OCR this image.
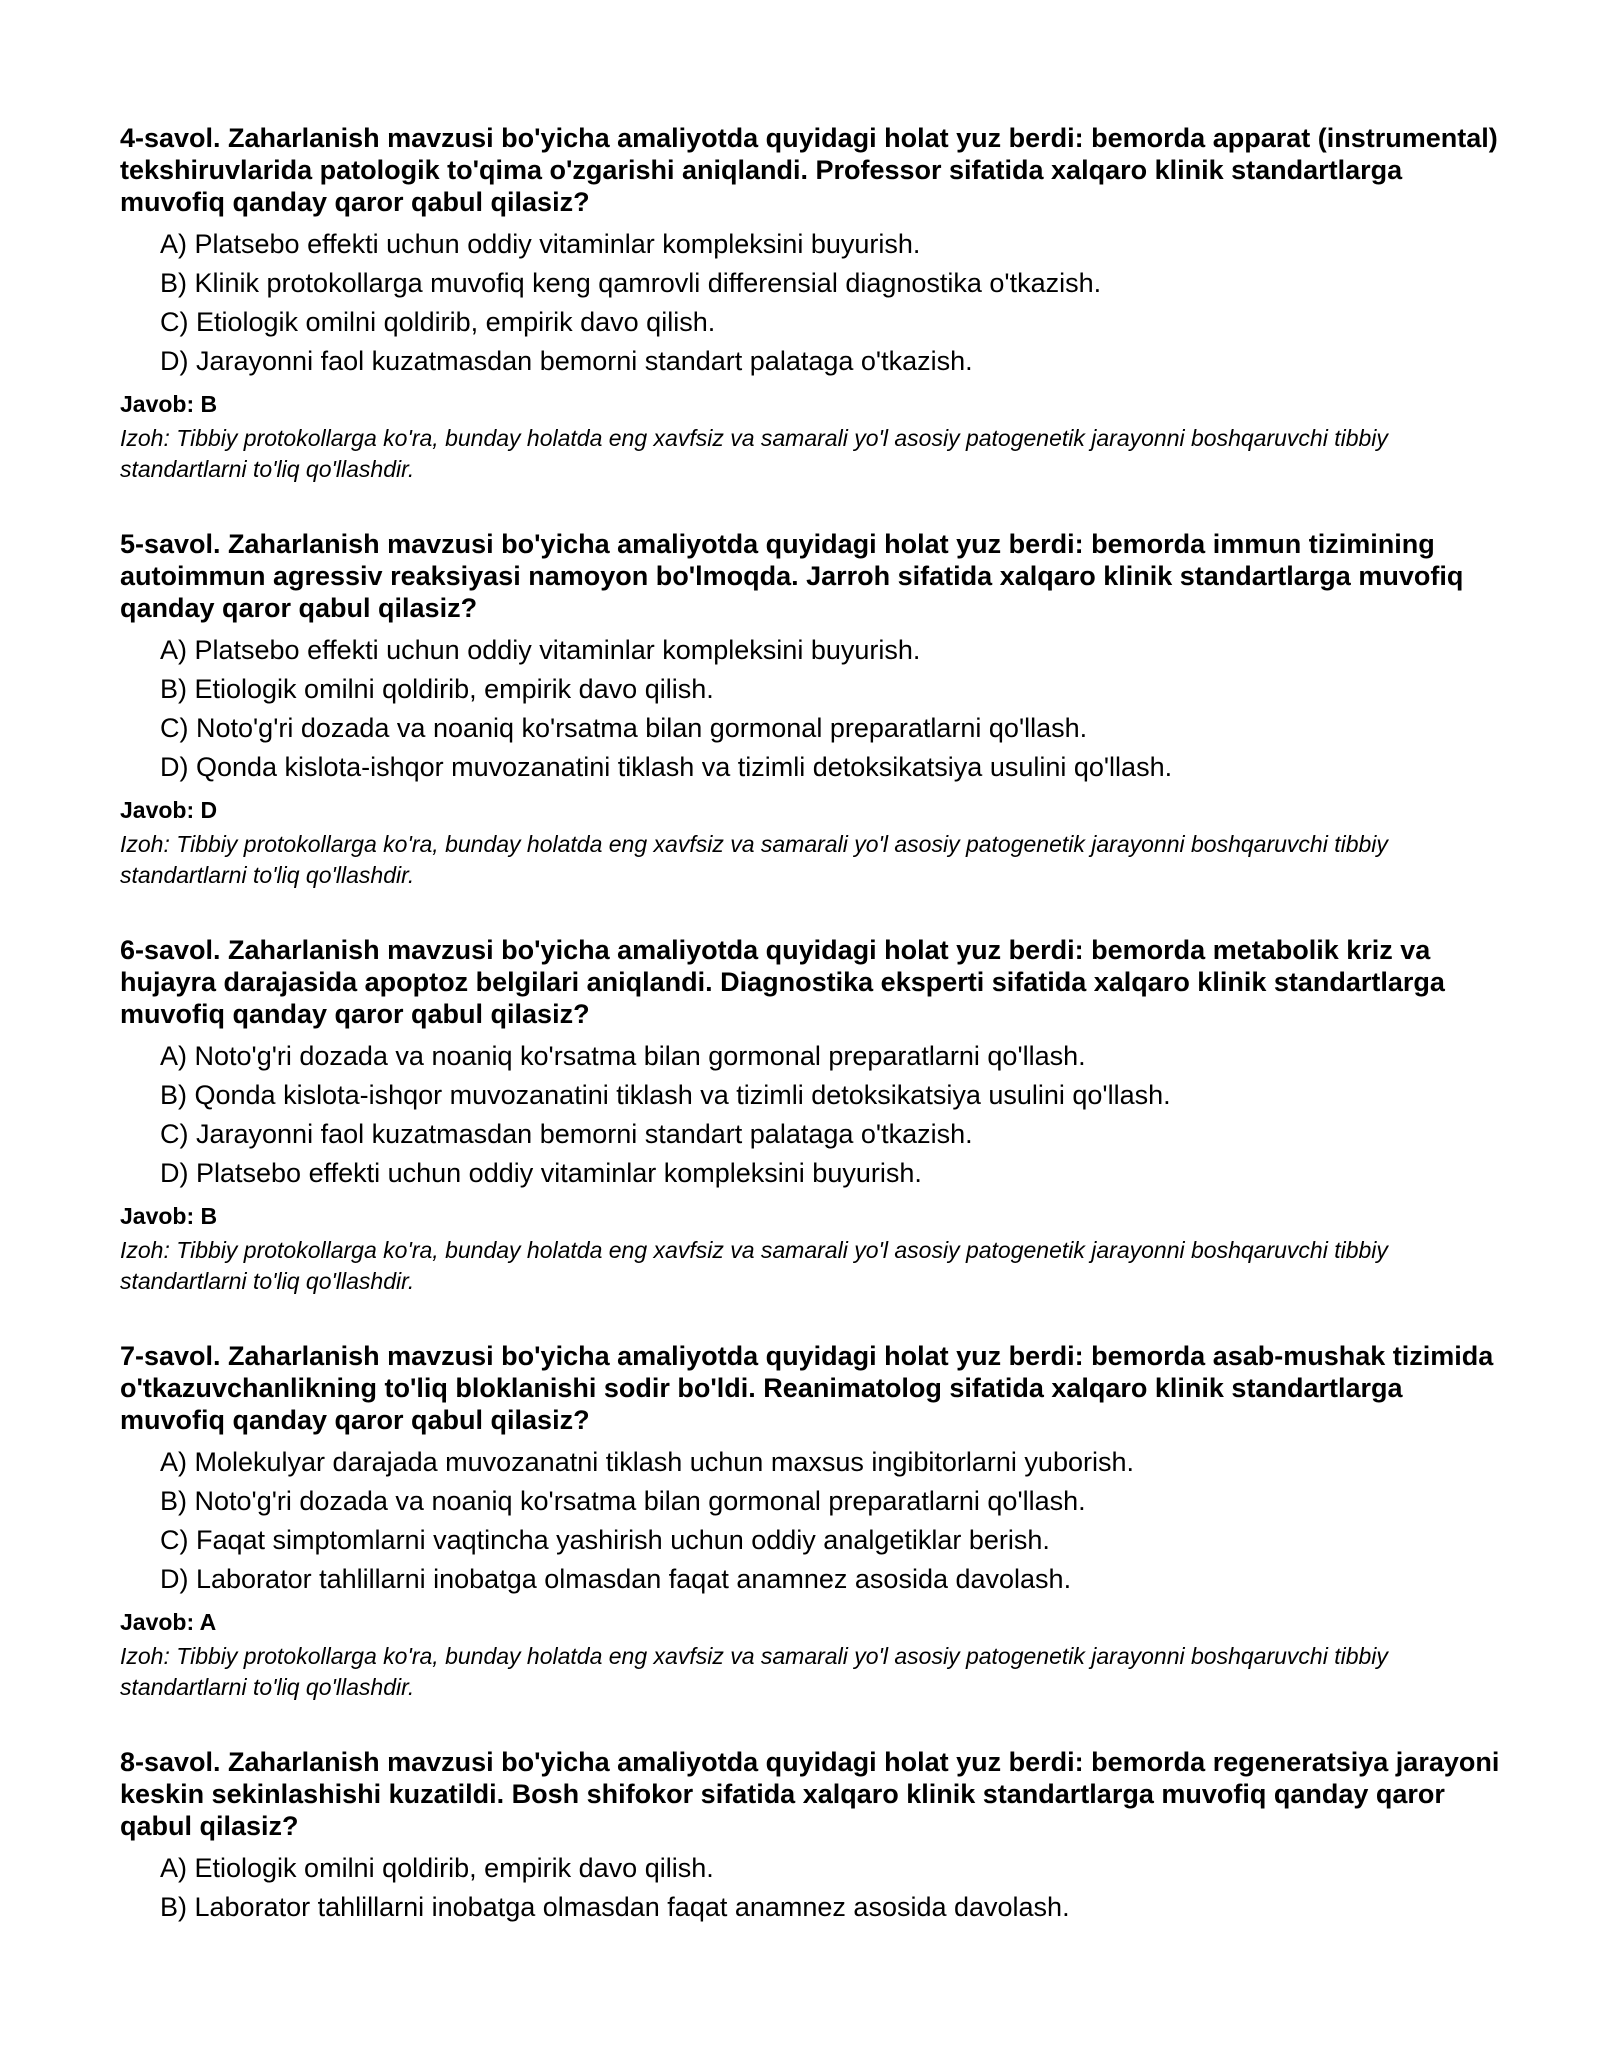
4-savol. Zaharlanish mavzusi bo'yicha amaliyotda quyidagi holat yuz berdi: bemorda apparat (instrumental) tekshiruvlarida patologik to'qima o'zgarishi aniqlandi. Professor sifatida xalqaro klinik standartlarga muvofiq qanday qaror qabul qilasiz?
A) Platsebo effekti uchun oddiy vitaminlar kompleksini buyurish.
B) Klinik protokollarga muvofiq keng qamrovli differensial diagnostika o'tkazish.
C) Etiologik omilni qoldirib, empirik davo qilish.
D) Jarayonni faol kuzatmasdan bemorni standart palataga o'tkazish.
Javob: B

Izoh: Tibbiy protokollarga ko'ra, bunday holatda eng xavfsiz va samarali yo'l asosiy patogenetik jarayonni boshqaruvchi tibbiy standartlarni to'liq qo'llashdir.

5-savol. Zaharlanish mavzusi bo'yicha amaliyotda quyidagi holat yuz berdi: bemorda immun tizimining autoimmun agressiv reaksiyasi namoyon bo'lmoqda. Jarroh sifatida xalqaro klinik standartlarga muvofiq qanday qaror qabul qilasiz?
A) Platsebo effekti uchun oddiy vitaminlar kompleksini buyurish.
B) Etiologik omilni qoldirib, empirik davo qilish.
C) Noto'g'ri dozada va noaniq ko'rsatma bilan gormonal preparatlarni qo'llash.
D) Qonda kislota-ishqor muvozanatini tiklash va tizimli detoksikatsiya usulini qo'llash.
Javob: D

Izoh: Tibbiy protokollarga ko'ra, bunday holatda eng xavfsiz va samarali yo'l asosiy patogenetik jarayonni boshqaruvchi tibbiy standartlarni to'liq qo'llashdir.

6-savol. Zaharlanish mavzusi bo'yicha amaliyotda quyidagi holat yuz berdi: bemorda metabolik kriz va hujayra darajasida apoptoz belgilari aniqlandi. Diagnostika eksperti sifatida xalqaro klinik standartlarga muvofiq qanday qaror qabul qilasiz?
A) Noto'g'ri dozada va noaniq ko'rsatma bilan gormonal preparatlarni qo'llash.
B) Qonda kislota-ishqor muvozanatini tiklash va tizimli detoksikatsiya usulini qo'llash.
C) Jarayonni faol kuzatmasdan bemorni standart palataga o'tkazish.
D) Platsebo effekti uchun oddiy vitaminlar kompleksini buyurish.
Javob: B

Izoh: Tibbiy protokollarga ko'ra, bunday holatda eng xavfsiz va samarali yo'l asosiy patogenetik jarayonni boshqaruvchi tibbiy standartlarni to'liq qo'llashdir.

7-savol. Zaharlanish mavzusi bo'yicha amaliyotda quyidagi holat yuz berdi: bemorda asab-mushak tizimida o'tkazuvchanlikning to'liq bloklanishi sodir bo'ldi. Reanimatolog sifatida xalqaro klinik standartlarga muvofiq qanday qaror qabul qilasiz?
A) Molekulyar darajada muvozanatni tiklash uchun maxsus ingibitorlarni yuborish.
B) Noto'g'ri dozada va noaniq ko'rsatma bilan gormonal preparatlarni qo'llash.
C) Faqat simptomlarni vaqtincha yashirish uchun oddiy analgetiklar berish.
D) Laborator tahlillarni inobatga olmasdan faqat anamnez asosida davolash.
Javob: A

Izoh: Tibbiy protokollarga ko'ra, bunday holatda eng xavfsiz va samarali yo'l asosiy patogenetik jarayonni boshqaruvchi tibbiy standartlarni to'liq qo'llashdir.

8-savol. Zaharlanish mavzusi bo'yicha amaliyotda quyidagi holat yuz berdi: bemorda regeneratsiya jarayoni keskin sekinlashishi kuzatildi. Bosh shifokor sifatida xalqaro klinik standartlarga muvofiq qanday qaror qabul qilasiz?
A) Etiologik omilni qoldirib, empirik davo qilish.
B) Laborator tahlillarni inobatga olmasdan faqat anamnez asosida davolash.
